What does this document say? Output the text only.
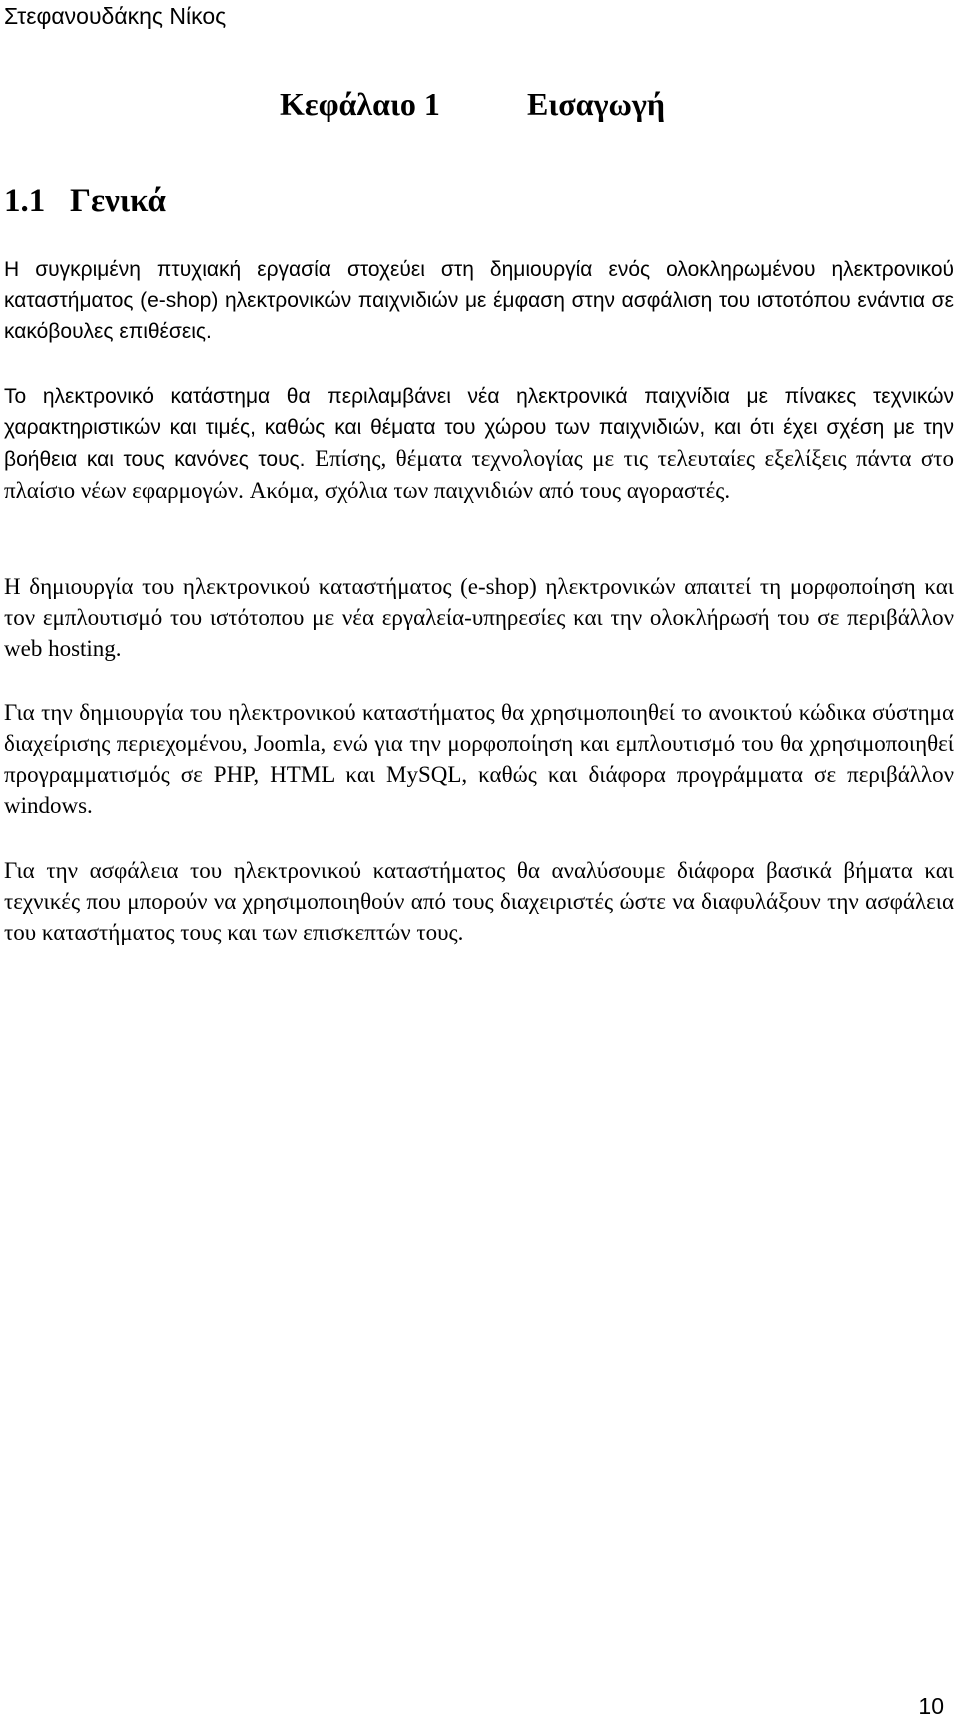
Στεφανουδάκης Νίκος
Κεφάλαιο 1	Εισαγωγή
1.1 Γενικά

Η συγκριμένη πτυχιακή εργασία στοχεύει στη δημιουργία ενός ολοκληρωμένου ηλεκτρονικού καταστήματος (e-shop) ηλεκτρονικών παιχνιδιών με έμφαση στην ασφάλιση του ιστοτόπου ενάντια σε κακόβουλες επιθέσεις.

Το ηλεκτρονικό κατάστημα θα περιλαμβάνει νέα ηλεκτρονικά παιχνίδια με πίνακες τεχνικών χαρακτηριστικών και τιμές, καθώς και θέματα του χώρου των παιχνιδιών, και ότι έχει σχέση με την βοήθεια και τους κανόνες τους. Επίσης, θέματα τεχνολογίας με τις τελευταίες εξελίξεις πάντα στο πλαίσιο νέων εφαρμογών. Ακόμα, σχόλια των παιχνιδιών από τους αγοραστές.

Η δημιουργία του ηλεκτρονικού καταστήματος (e-shop) ηλεκτρονικών απαιτεί τη μορφοποίηση και τον εμπλουτισμό του ιστότοπου με νέα εργαλεία-υπηρεσίες και την ολοκλήρωσή του σε περιβάλλον web hosting.

Για την δημιουργία του ηλεκτρονικού καταστήματος θα χρησιμοποιηθεί το ανοικτού κώδικα σύστημα διαχείρισης περιεχομένου, Joomla, ενώ για την μορφοποίηση και εμπλουτισμό του θα χρησιμοποιηθεί προγραμματισμός σε PHP, HTML και MySQL, καθώς και διάφορα προγράμματα σε περιβάλλον windows.

Για την ασφάλεια του ηλεκτρονικού καταστήματος θα αναλύσουμε διάφορα βασικά βήματα και τεχνικές που μπορούν να χρησιμοποιηθούν από τους διαχειριστές ώστε να διαφυλάξουν την ασφάλεια του καταστήματος τους και των επισκεπτών τους.

10
